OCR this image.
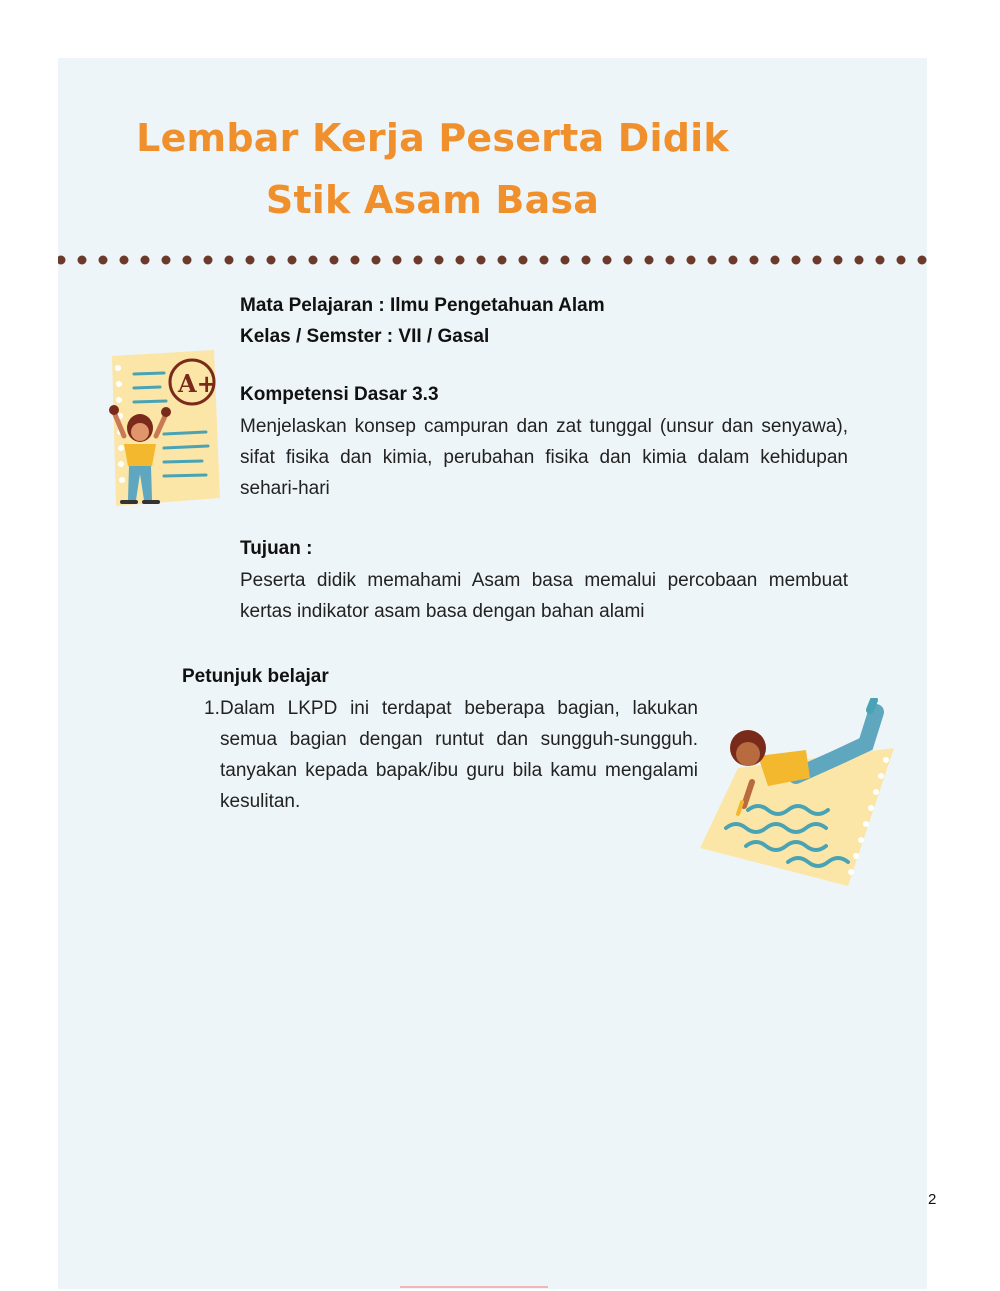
Lembar Kerja Peserta Didik
Stik Asam Basa
Mata Pelajaran : Ilmu Pengetahuan Alam
Kelas / Semster : VII / Gasal
A+ Kompetensi Dasar 3.3
Menjelaskan konsep campuran dan zat tunggal (unsur dan senyawa), sifat fisika dan kimia, perubahan fisika dan kimia dalam kehidupan sehari-hari
Tujuan :
Peserta didik memahami Asam basa memalui percobaan membuat kertas indikator asam basa dengan bahan alami
Petunjuk belajar
1. Dalam LKPD ini terdapat beberapa bagian, lakukan semua bagian dengan runtut dan sungguh-sungguh. tanyakan kepada bapak/ibu guru bila kamu mengalami kesulitan.
2
